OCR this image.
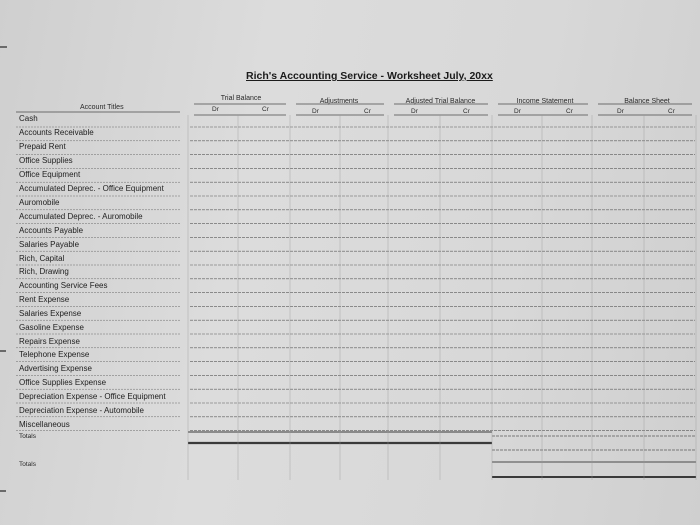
Rich's Accounting Service - Worksheet July, 20xx
Trial Balance	Adjustments	Adjusted Trial Balance	Income Statement	Balance Sheet
Dr	Cr	Dr	Cr	Dr	Cr	Dr	Cr	Dr	Cr
Account Titles
Cash
Accounts Receivable
Prepaid Rent
Office Supplies
Office Equipment
Accumulated Deprec. - Office Equipment
Auromobile
Accumulated Deprec. - Auromobile
Accounts Payable
Salaries Payable
Rich, Capital
Rich, Drawing
Accounting Service Fees
Rent Expense
Salaries Expense
Gasoline Expense
Repairs Expense
Telephone Expense
Advertising Expense
Office Supplies Expense
Depreciation Expense - Office Equipment
Depreciation Expense - Automobile
Miscellaneous
Totals
Totals
